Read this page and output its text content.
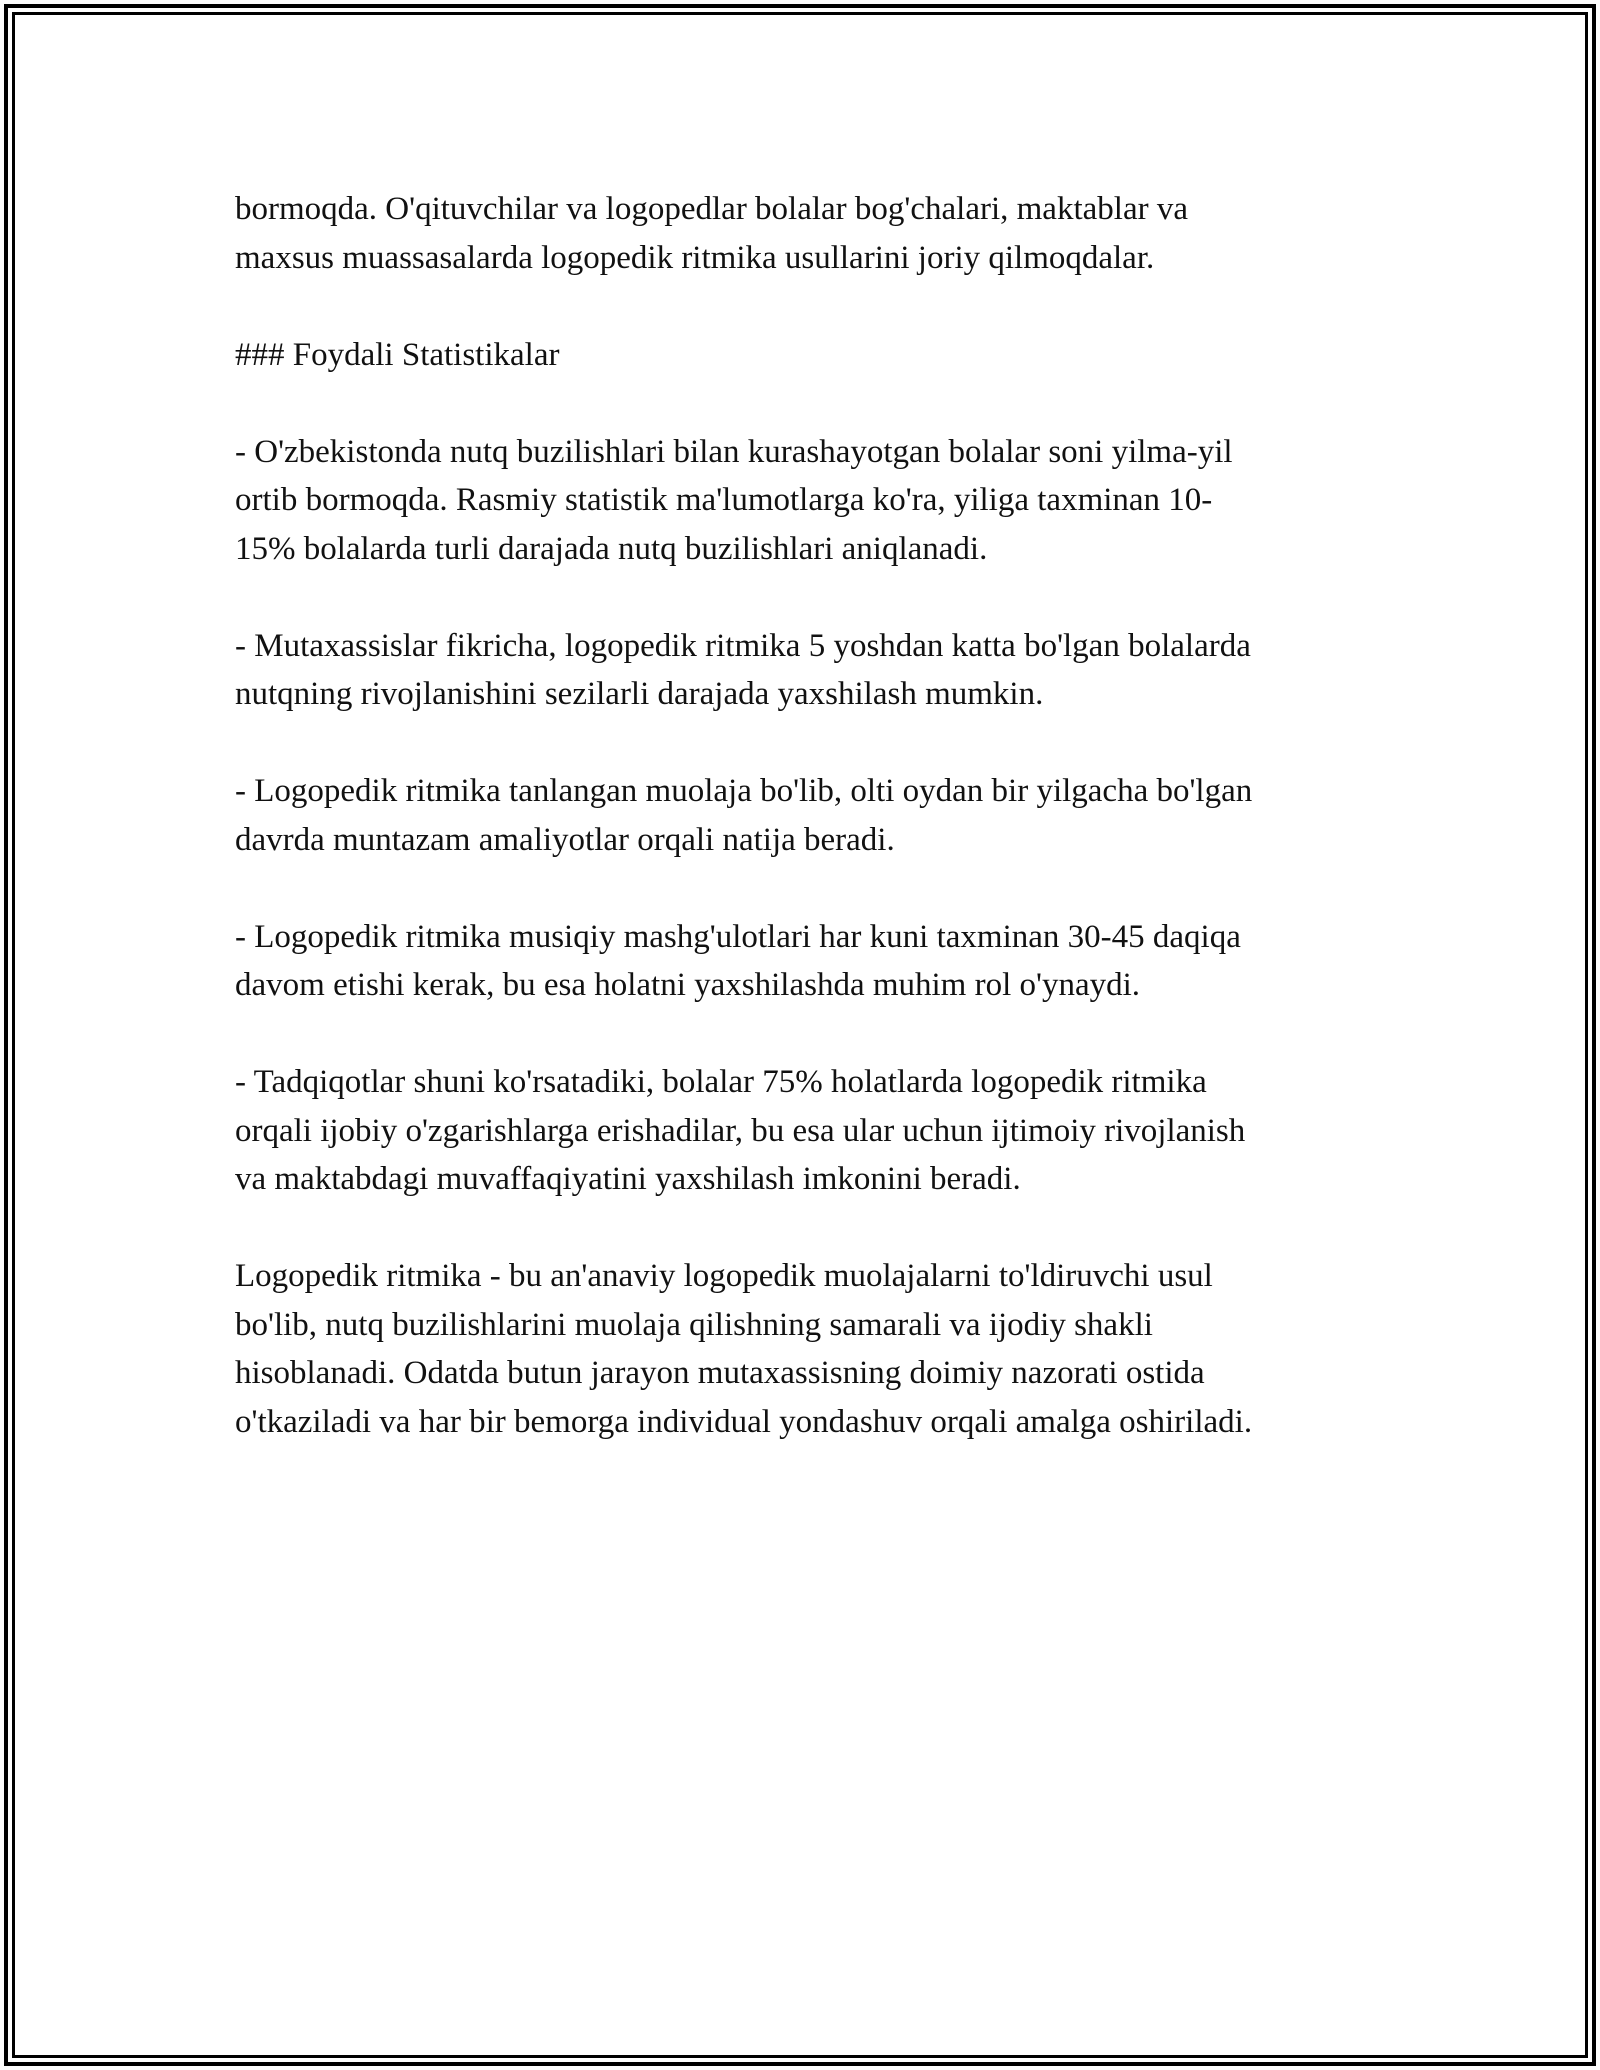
bormoqda. O'qituvchilar va logopedlar bolalar bog'chalari, maktablar va
maxsus muassasalarda logopedik ritmika usullarini joriy qilmoqdalar.

### Foydali Statistikalar

- O'zbekistonda nutq buzilishlari bilan kurashayotgan bolalar soni yilma-yil
ortib bormoqda. Rasmiy statistik ma'lumotlarga ko'ra, yiliga taxminan 10-
15% bolalarda turli darajada nutq buzilishlari aniqlanadi.

- Mutaxassislar fikricha, logopedik ritmika 5 yoshdan katta bo'lgan bolalarda
nutqning rivojlanishini sezilarli darajada yaxshilash mumkin.

- Logopedik ritmika tanlangan muolaja bo'lib, olti oydan bir yilgacha bo'lgan
davrda muntazam amaliyotlar orqali natija beradi.

- Logopedik ritmika musiqiy mashg'ulotlari har kuni taxminan 30-45 daqiqa
davom etishi kerak, bu esa holatni yaxshilashda muhim rol o'ynaydi.

- Tadqiqotlar shuni ko'rsatadiki, bolalar 75% holatlarda logopedik ritmika
orqali ijobiy o'zgarishlarga erishadilar, bu esa ular uchun ijtimoiy rivojlanish
va maktabdagi muvaffaqiyatini yaxshilash imkonini beradi.

Logopedik ritmika - bu an'anaviy logopedik muolajalarni to'ldiruvchi usul
bo'lib, nutq buzilishlarini muolaja qilishning samarali va ijodiy shakli
hisoblanadi. Odatda butun jarayon mutaxassisning doimiy nazorati ostida
o'tkaziladi va har bir bemorga individual yondashuv orqali amalga oshiriladi.
